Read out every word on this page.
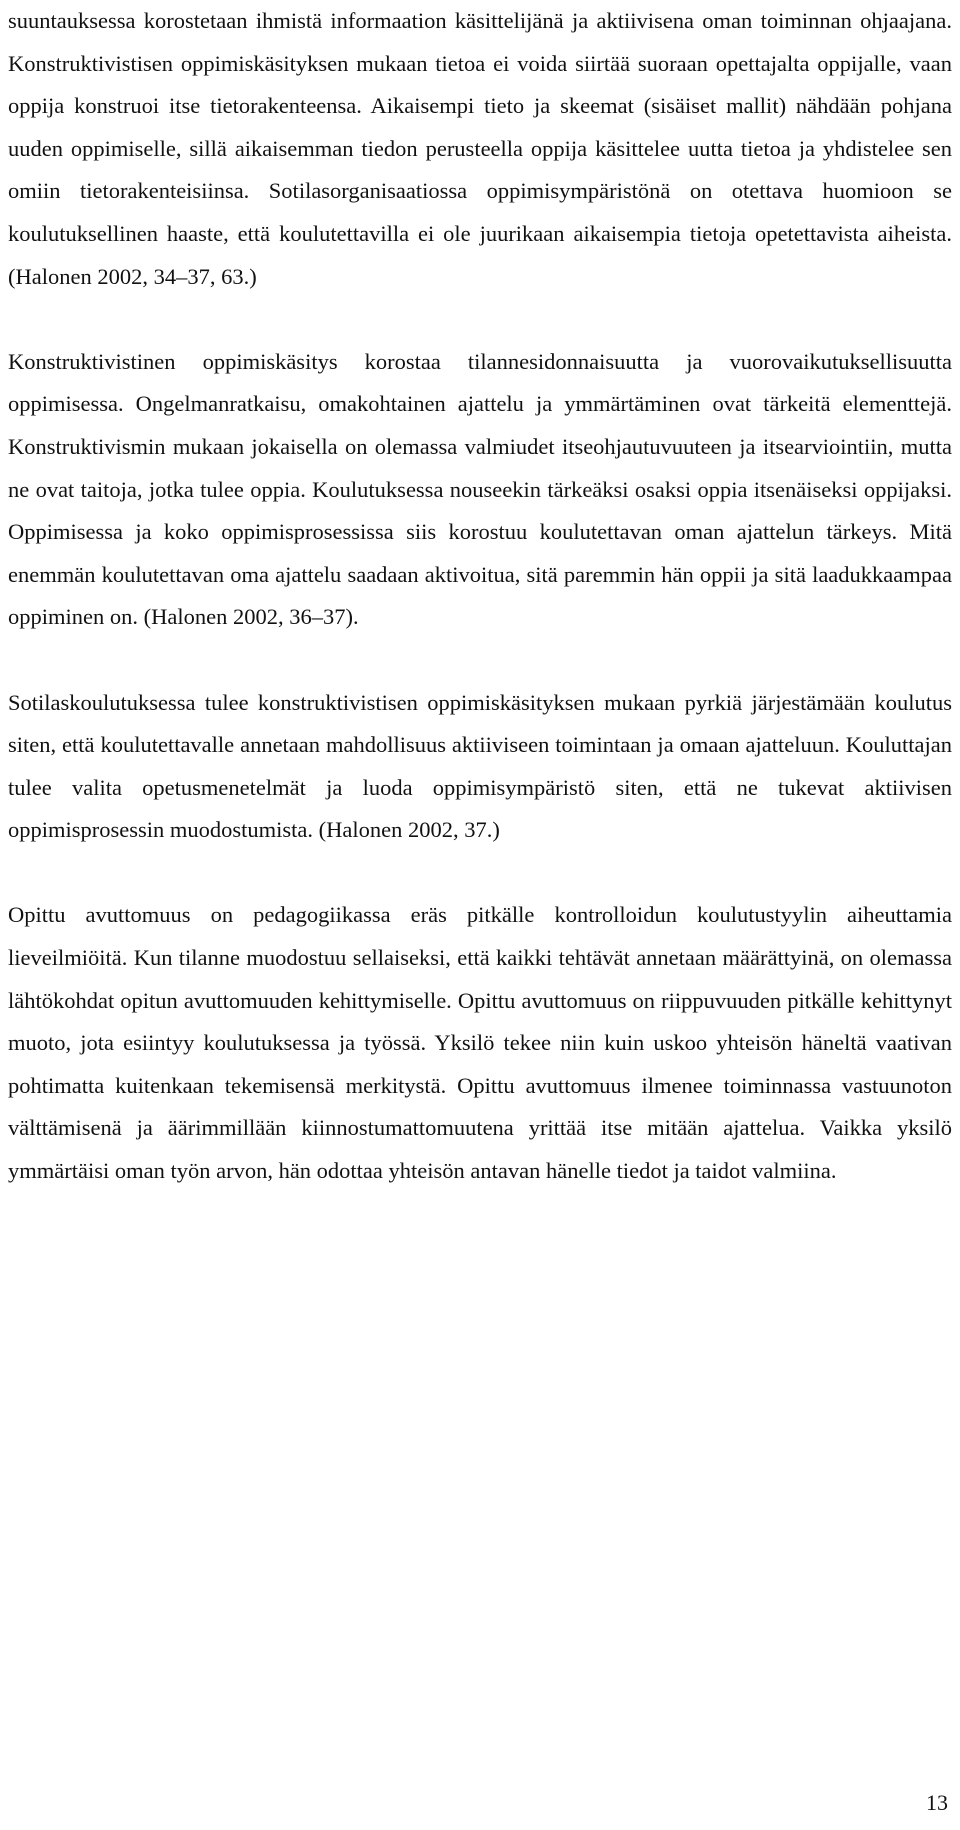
suuntauksessa korostetaan ihmistä informaation käsittelijänä ja aktiivisena oman toiminnan ohjaajana. Konstruktivistisen oppimiskäsityksen mukaan tietoa ei voida siirtää suoraan opettajalta oppijalle, vaan oppija konstruoi itse tietorakenteensa. Aikaisempi tieto ja skeemat (sisäiset mallit) nähdään pohjana uuden oppimiselle, sillä aikaisemman tiedon perusteella oppija käsittelee uutta tietoa ja yhdistelee sen omiin tietorakenteisiinsa. Sotilasorganisaatiossa oppimisympäristönä on otettava huomioon se koulutuksellinen haaste, että koulutettavilla ei ole juurikaan aikaisempia tietoja opetettavista aiheista. (Halonen 2002, 34–37, 63.)

Konstruktivistinen oppimiskäsitys korostaa tilannesidonnaisuutta ja vuorovaikutuksellisuutta oppimisessa. Ongelmanratkaisu, omakohtainen ajattelu ja ymmärtäminen ovat tärkeitä elementtejä. Konstruktivismin mukaan jokaisella on olemassa valmiudet itseohjautuvuuteen ja itsearviointiin, mutta ne ovat taitoja, jotka tulee oppia. Koulutuksessa nouseekin tärkeäksi osaksi oppia itsenäiseksi oppijaksi. Oppimisessa ja koko oppimisprosessissa siis korostuu koulutettavan oman ajattelun tärkeys. Mitä enemmän koulutettavan oma ajattelu saadaan aktivoitua, sitä paremmin hän oppii ja sitä laadukkaampaa oppiminen on. (Halonen 2002, 36–37).

Sotilaskoulutuksessa tulee konstruktivistisen oppimiskäsityksen mukaan pyrkiä järjestämään koulutus siten, että koulutettavalle annetaan mahdollisuus aktiiviseen toimintaan ja omaan ajatteluun. Kouluttajan tulee valita opetusmenetelmät ja luoda oppimisympäristö siten, että ne tukevat aktiivisen oppimisprosessin muodostumista. (Halonen 2002, 37.)

Opittu avuttomuus on pedagogiikassa eräs pitkälle kontrolloidun koulutustyylin aiheuttamia lieveilmiöitä. Kun tilanne muodostuu sellaiseksi, että kaikki tehtävät annetaan määrättyinä, on olemassa lähtökohdat opitun avuttomuuden kehittymiselle. Opittu avuttomuus on riippuvuuden pitkälle kehittynyt muoto, jota esiintyy koulutuksessa ja työssä. Yksilö tekee niin kuin uskoo yhteisön häneltä vaativan pohtimatta kuitenkaan tekemisensä merkitystä. Opittu avuttomuus ilmenee toiminnassa vastuunoton välttämisenä ja äärimmillään kiinnostumattomuutena yrittää itse mitään ajattelua. Vaikka yksilö ymmärtäisi oman työn arvon, hän odottaa yhteisön antavan hänelle tiedot ja taidot valmiina.

13
